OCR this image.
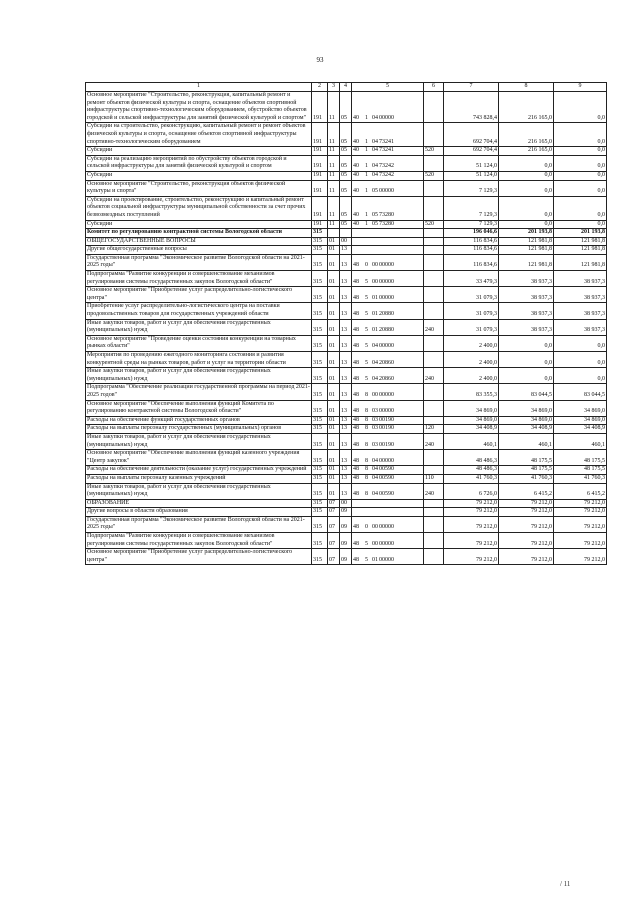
93
1	2	3	4	5	6	7	8	9
Основное мероприятие "Строительство, реконструкция, капитальный ремонт и ремонт объектов физической культуры и спорта, оснащение объектов спортивной инфраструктуры спортивно-технологическим оборудованием, обустройство объектов городской и сельской инфраструктуры для занятий физической культурой и спортом"	191	11	05	40 1 0400000		743 828,4	216 165,0	0,0
Субсидии на строительство, реконструкцию, капитальный ремонт и ремонт объектов физической культуры и спорта, оснащение объектов спортивной инфраструктуры спортивно-технологическим оборудованием	191	11	05	40 1 0473241		692 704,4	216 165,0	0,0
Субсидии	191	11	05	40 1 0473241	520	692 704,4	216 165,0	0,0
Субсидии на реализацию мероприятий по обустройству объектов городской и сельской инфраструктуры для занятий физической культурой и спортом	191	11	05	40 1 0473242		51 124,0	0,0	0,0
Субсидии	191	11	05	40 1 0473242	520	51 124,0	0,0	0,0
Основное мероприятие "Строительство, реконструкция объектов физической культуры и спорта"	191	11	05	40 1 0500000		7 129,3	0,0	0,0
Субсидии на проектирование, строительство, реконструкцию и капитальный ремонт объектов социальной инфраструктуры муниципальной собственности за счет прочих безвозмездных поступлений	191	11	05	40 1 0573280		7 129,3	0,0	0,0
Субсидии	191	11	05	40 1 0573280	520	7 129,3	0,0	0,0
Комитет по регулированию контрактной системы Вологодской области	315					196 046,6	201 193,8	201 193,8
ОБЩЕГОСУДАРСТВЕННЫЕ ВОПРОСЫ	315	01	00			116 834,6	121 981,8	121 981,8
Другие общегосударственные вопросы	315	01	13			116 834,6	121 981,8	121 981,8
Государственная программа "Экономическое развитие Вологодской области на 2021-2025 годы"	315	01	13	48 0 0000000		116 834,6	121 981,8	121 981,8
Подпрограмма "Развитие конкуренции и совершенствование механизмов регулирования системы государственных закупок Вологодской области"	315	01	13	48 5 0000000		33 479,3	38 937,3	38 937,3
Основное мероприятие "Приобретение услуг распределительно-логистического центра"	315	01	13	48 5 0100000		31 079,3	38 937,3	38 937,3
Приобретение услуг распределительно-логистического центра на поставки продовольственных товаров для государственных учреждений области	315	01	13	48 5 0120880		31 079,3	38 937,3	38 937,3
Иные закупки товаров, работ и услуг для обеспечения государственных (муниципальных) нужд	315	01	13	48 5 0120880	240	31 079,3	38 937,3	38 937,3
Основное мероприятие "Проведение оценки состояния конкуренции на товарных рынках области"	315	01	13	48 5 0400000		2 400,0	0,0	0,0
Мероприятия по проведению ежегодного мониторинга состояния и развития конкурентной среды на рынках товаров, работ и услуг на территории области	315	01	13	48 5 0420860		2 400,0	0,0	0,0
Иные закупки товаров, работ и услуг для обеспечения государственных (муниципальных) нужд	315	01	13	48 5 0420860	240	2 400,0	0,0	0,0
Подпрограмма "Обеспечение реализации государственной программы на период 2021-2025 годов"	315	01	13	48 8 0000000		83 355,3	83 044,5	83 044,5
Основное мероприятие "Обеспечение выполнения функций Комитета по регулированию контрактной системы Вологодской области"	315	01	13	48 8 0300000		34 869,0	34 869,0	34 869,0
Расходы на обеспечение функций государственных органов	315	01	13	48 8 0300190		34 869,0	34 869,0	34 869,0
Расходы на выплаты персоналу государственных (муниципальных) органов	315	01	13	48 8 0300190	120	34 408,9	34 408,9	34 408,9
Иные закупки товаров, работ и услуг для обеспечения государственных (муниципальных) нужд	315	01	13	48 8 0300190	240	460,1	460,1	460,1
Основное мероприятие "Обеспечение выполнения функций казенного учреждения "Центр закупок"	315	01	13	48 8 0400000		48 486,3	48 175,5	48 175,5
Расходы на обеспечение деятельности (оказание услуг) государственных учреждений	315	01	13	48 8 0400590		48 486,3	48 175,5	48 175,5
Расходы на выплаты персоналу казенных учреждений	315	01	13	48 8 0400590	110	41 760,3	41 760,3	41 760,3
Иные закупки товаров, работ и услуг для обеспечения государственных (муниципальных) нужд	315	01	13	48 8 0400590	240	6 726,0	6 415,2	6 415,2
ОБРАЗОВАНИЕ	315	07	00			79 212,0	79 212,0	79 212,0
Другие вопросы в области образования	315	07	09			79 212,0	79 212,0	79 212,0
Государственная программа "Экономическое развитие Вологодской области на 2021-2025 годы"	315	07	09	48 0 0000000		79 212,0	79 212,0	79 212,0
Подпрограмма "Развитие конкуренции и совершенствование механизмов регулирования системы государственных закупок Вологодской области"	315	07	09	48 5 0000000		79 212,0	79 212,0	79 212,0
Основное мероприятие "Приобретение услуг распределительно-логистического центра"	315	07	09	48 5 0100000		79 212,0	79 212,0	79 212,0
/ 11
